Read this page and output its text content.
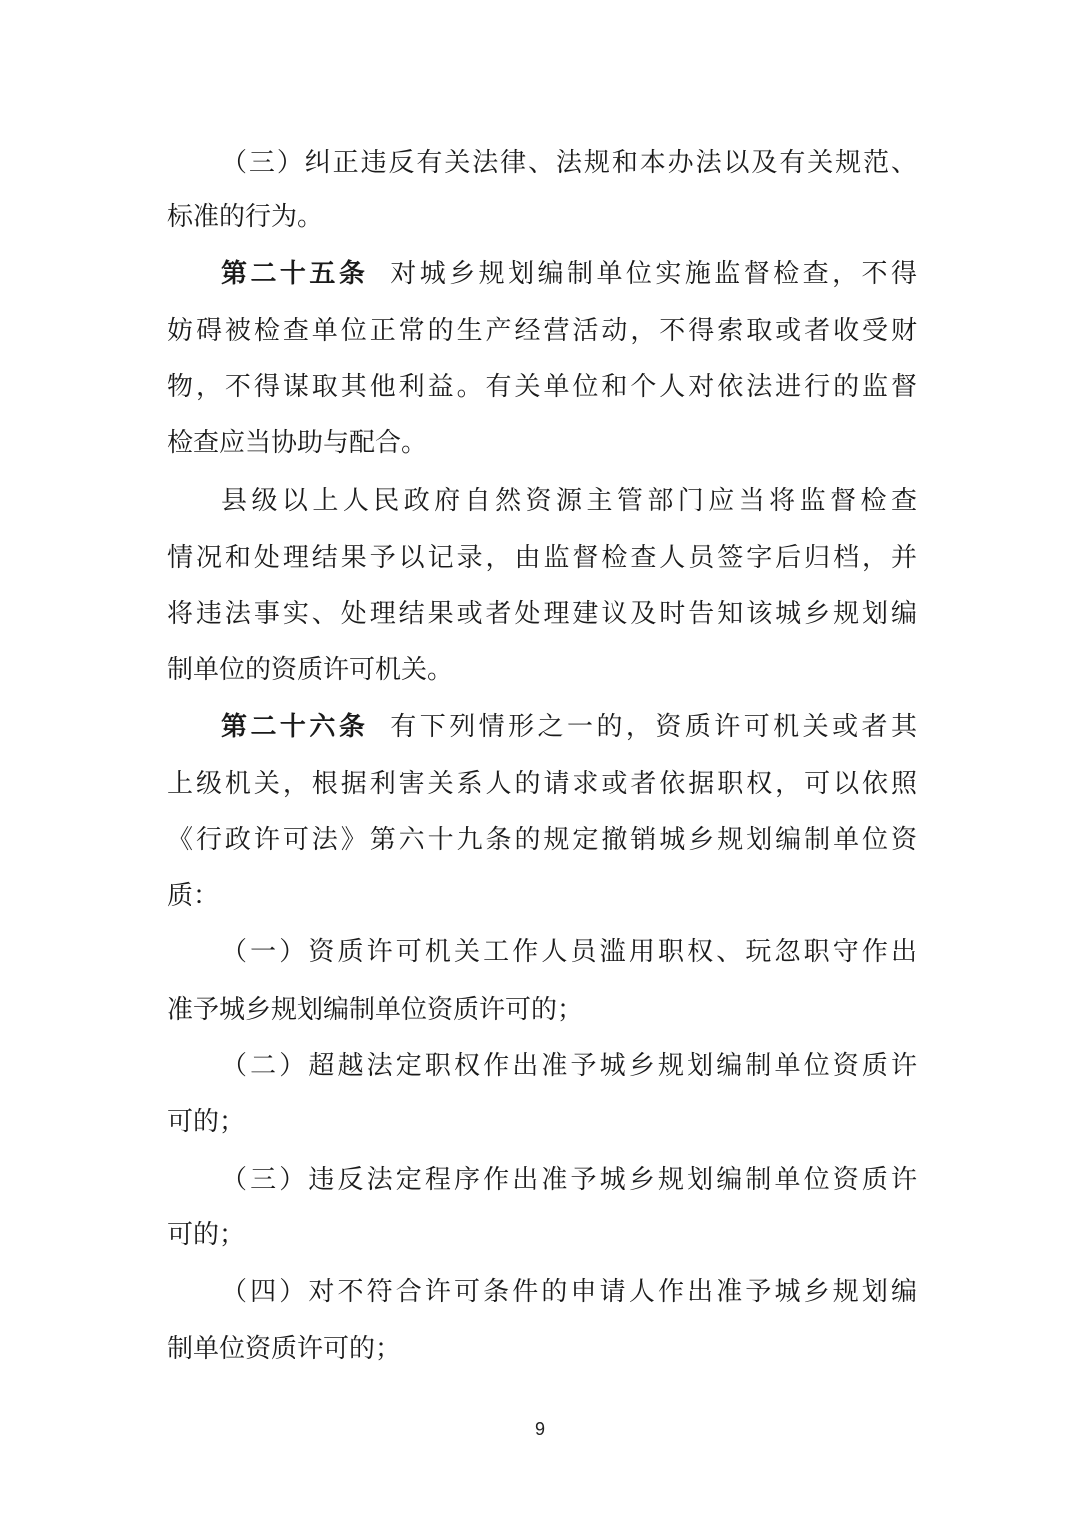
（三）纠正违反有关法律、法规和本办法以及有关规范、
标准的行为。
第二十五条 对城乡规划编制单位实施监督检查，不得
妨碍被检查单位正常的生产经营活动，不得索取或者收受财
物，不得谋取其他利益。有关单位和个人对依法进行的监督
检查应当协助与配合。
县级以上人民政府自然资源主管部门应当将监督检查
情况和处理结果予以记录，由监督检查人员签字后归档，并
将违法事实、处理结果或者处理建议及时告知该城乡规划编
制单位的资质许可机关。
第二十六条 有下列情形之一的，资质许可机关或者其
上级机关，根据利害关系人的请求或者依据职权，可以依照
《行政许可法》第六十九条的规定撤销城乡规划编制单位资
质：
（一）资质许可机关工作人员滥用职权、玩忽职守作出
准予城乡规划编制单位资质许可的；
（二）超越法定职权作出准予城乡规划编制单位资质许
可的；
（三）违反法定程序作出准予城乡规划编制单位资质许
可的；
（四）对不符合许可条件的申请人作出准予城乡规划编
制单位资质许可的；
9
